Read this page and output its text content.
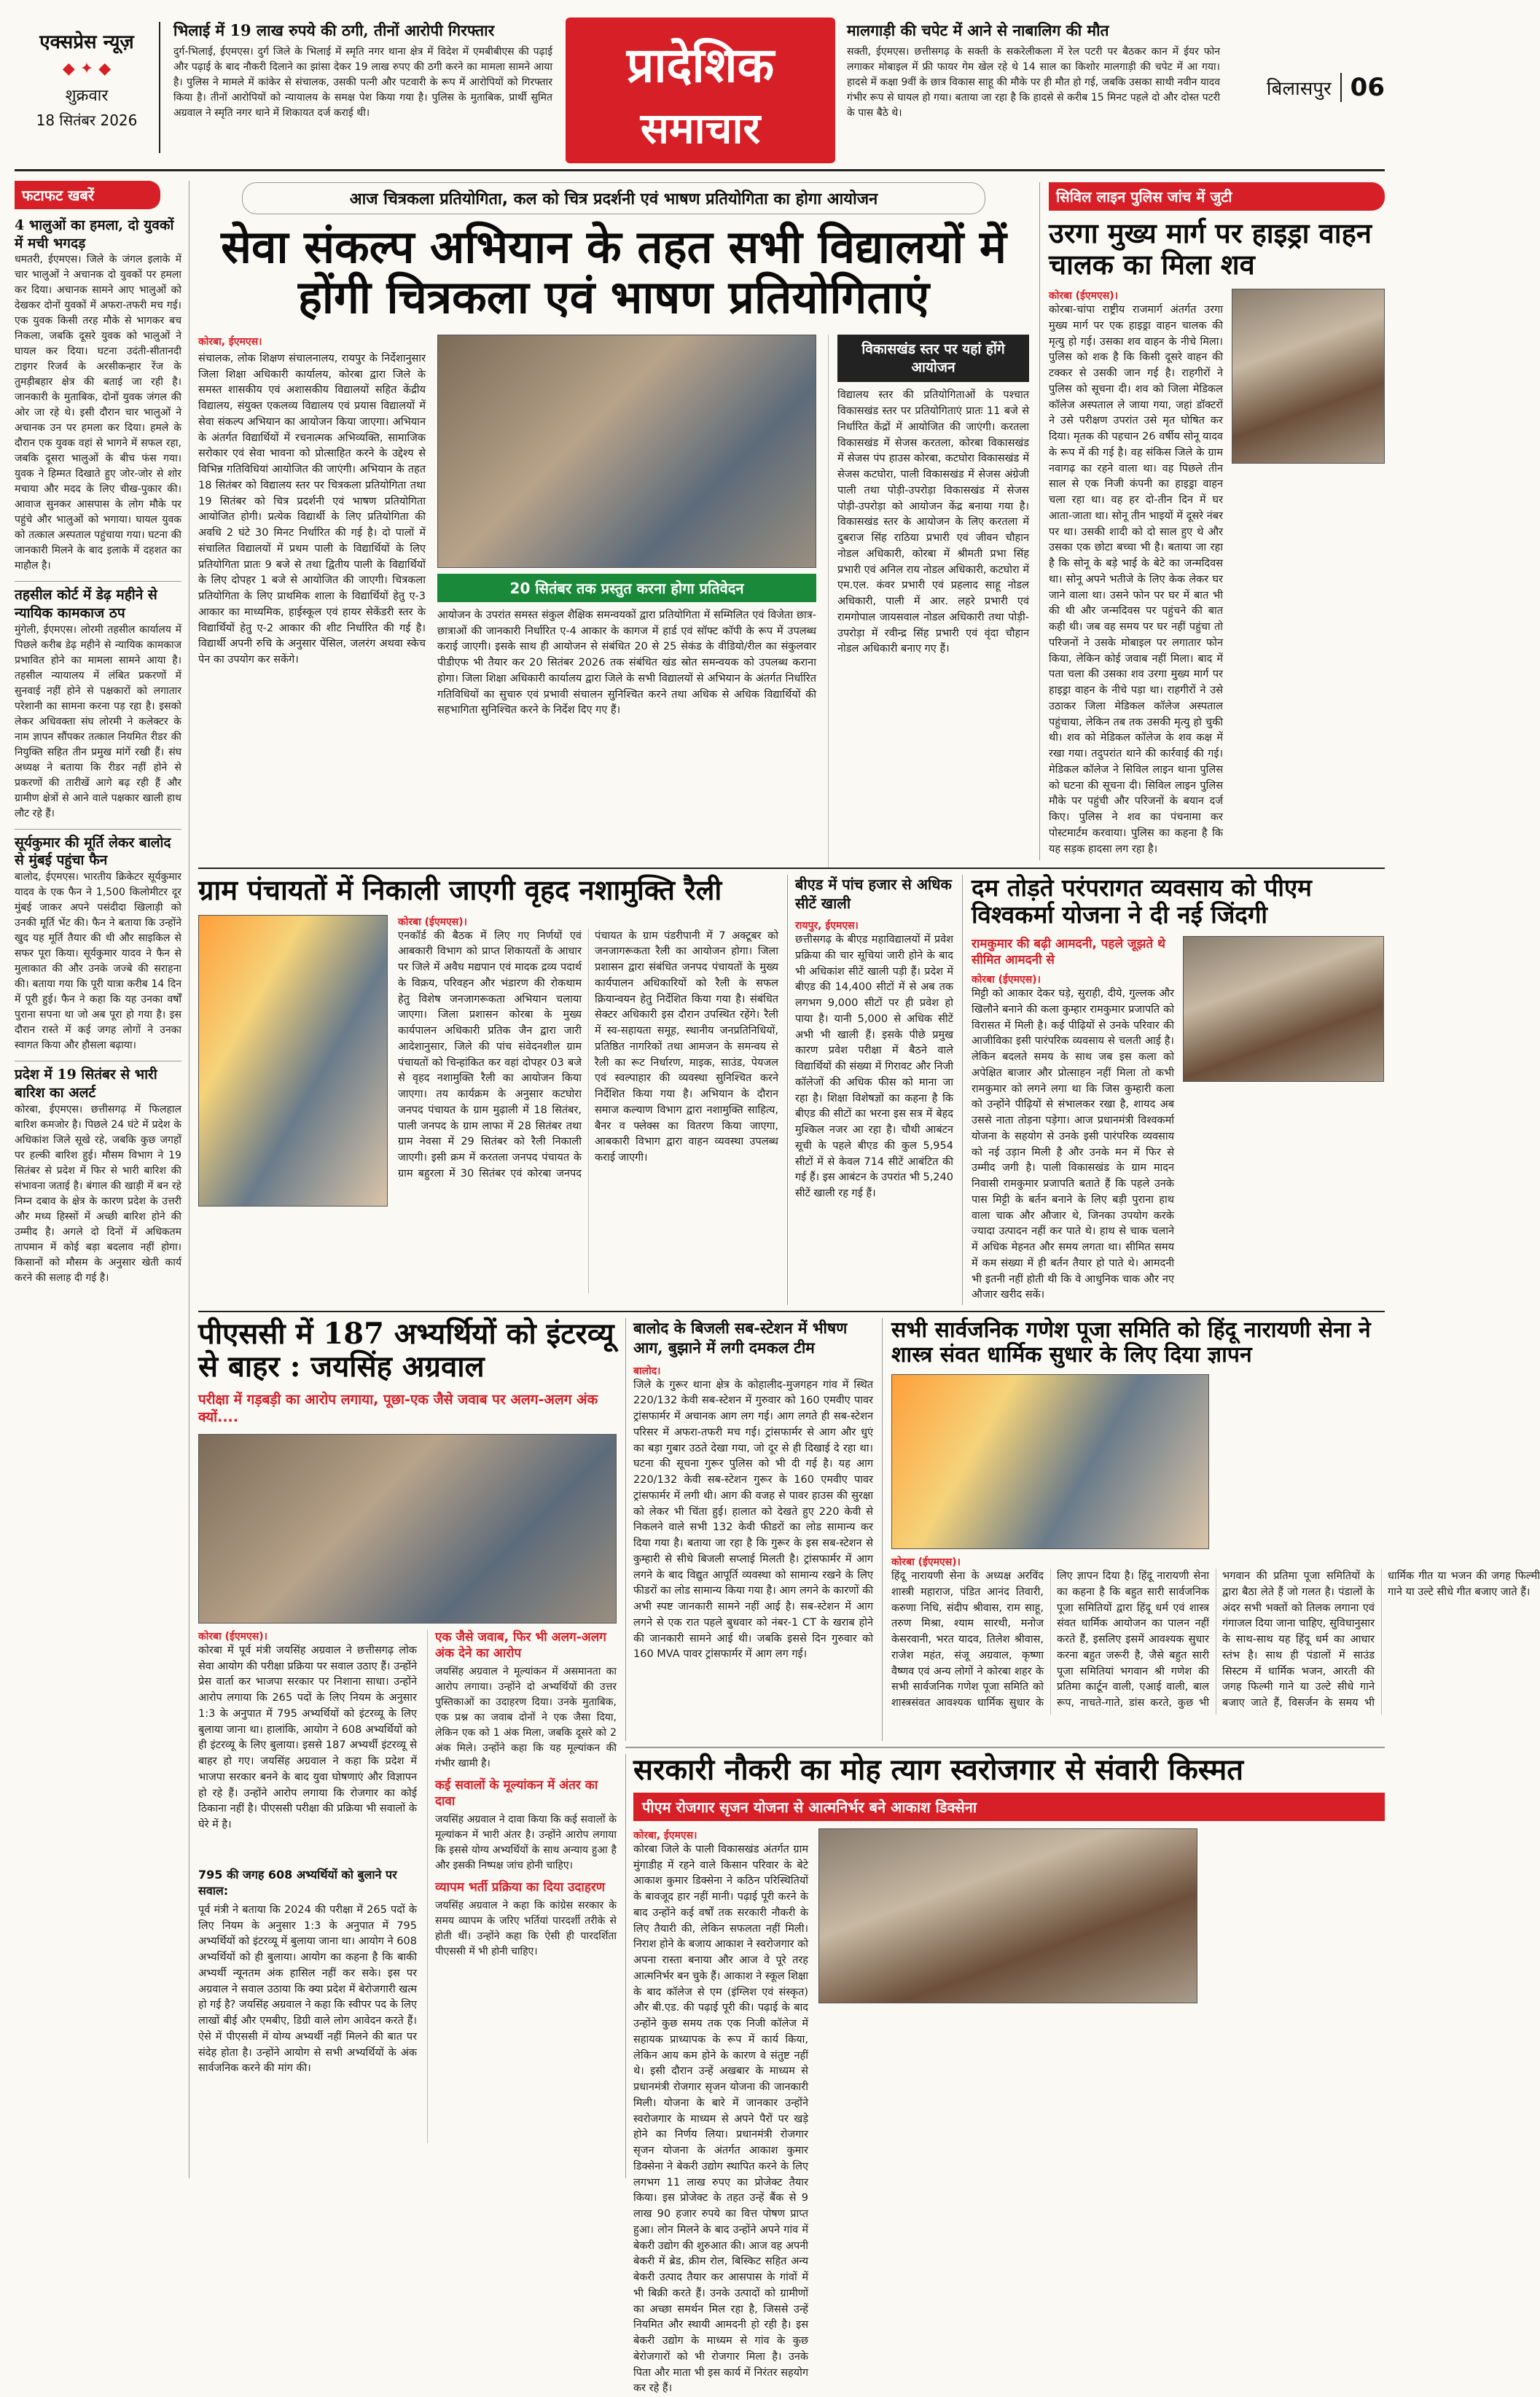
एक्सप्रेस न्यूज़
◆ ✦ ◆
शुक्रवार
18 सितंबर 2026
भिलाई में 19 लाख रुपये की ठगी, तीनों आरोपी गिरफ्तार
दुर्ग-भिलाई, ईएमएस। दुर्ग जिले के भिलाई में स्मृति नगर थाना क्षेत्र में विदेश में एमबीबीएस की पढ़ाई और पढ़ाई के बाद नौकरी दिलाने का झांसा देकर 19 लाख रुपए की ठगी करने का मामला सामने आया है। पुलिस ने मामले में कांकेर से संचालक, उसकी पत्नी और पटवारी के रूप में आरोपियों को गिरफ्तार किया है। तीनों आरोपियों को न्यायालय के समक्ष पेश किया गया है। पुलिस के मुताबिक, प्रार्थी सुमित अग्रवाल ने स्मृति नगर थाने में शिकायत दर्ज कराई थी।
प्रादेशिक
समाचार
मालगाड़ी की चपेट में आने से नाबालिग की मौत
सक्ती, ईएमएस। छत्तीसगढ़ के सक्ती के सकरेलीकला में रेल पटरी पर बैठकर कान में ईयर फोन लगाकर मोबाइल में फ्री फायर गेम खेल रहे थे 14 साल का किशोर मालगाड़ी की चपेट में आ गया। हादसे में कक्षा 9वीं के छात्र विकास साहू की मौके पर ही मौत हो गई, जबकि उसका साथी नवीन यादव गंभीर रूप से घायल हो गया। बताया जा रहा है कि हादसे से करीब 15 मिनट पहले दो और दोस्त पटरी के पास बैठे थे।
बिलासपुर 06
फटाफट खबरें
4 भालुओं का हमला, दो युवकों में मची भगदड़
धमतरी, ईएमएस। जिले के जंगल इलाके में चार भालुओं ने अचानक दो युवकों पर हमला कर दिया। अचानक सामने आए भालुओं को देखकर दोनों युवकों में अफरा-तफरी मच गई। एक युवक किसी तरह मौके से भागकर बच निकला, जबकि दूसरे युवक को भालुओं ने घायल कर दिया। घटना उदंती-सीतानदी टाइगर रिजर्व के अरसीकन्हार रेंज के तुमड़ीबहार क्षेत्र की बताई जा रही है। जानकारी के मुताबिक, दोनों युवक जंगल की ओर जा रहे थे। इसी दौरान चार भालुओं ने अचानक उन पर हमला कर दिया। हमले के दौरान एक युवक वहां से भागने में सफल रहा, जबकि दूसरा भालुओं के बीच फंस गया। युवक ने हिम्मत दिखाते हुए जोर-जोर से शोर मचाया और मदद के लिए चीख-पुकार की। आवाज सुनकर आसपास के लोग मौके पर पहुंचे और भालुओं को भगाया। घायल युवक को तत्काल अस्पताल पहुंचाया गया। घटना की जानकारी मिलने के बाद इलाके में दहशत का माहौल है।
तहसील कोर्ट में डेढ़ महीने से न्यायिक कामकाज ठप
मुंगेली, ईएमएस। लोरमी तहसील कार्यालय में पिछले करीब डेढ़ महीने से न्यायिक कामकाज प्रभावित होने का मामला सामने आया है। तहसील न्यायालय में लंबित प्रकरणों में सुनवाई नहीं होने से पक्षकारों को लगातार परेशानी का सामना करना पड़ रहा है। इसको लेकर अधिवक्ता संघ लोरमी ने कलेक्टर के नाम ज्ञापन सौंपकर तत्काल नियमित रीडर की नियुक्ति सहित तीन प्रमुख मांगें रखी हैं। संघ अध्यक्ष ने बताया कि रीडर नहीं होने से प्रकरणों की तारीखें आगे बढ़ रही हैं और ग्रामीण क्षेत्रों से आने वाले पक्षकार खाली हाथ लौट रहे हैं।
सूर्यकुमार की मूर्ति लेकर बालोद से मुंबई पहुंचा फैन
बालोद, ईएमएस। भारतीय क्रिकेटर सूर्यकुमार यादव के एक फैन ने 1,500 किलोमीटर दूर मुंबई जाकर अपने पसंदीदा खिलाड़ी को उनकी मूर्ति भेंट की। फैन ने बताया कि उन्होंने खुद यह मूर्ति तैयार की थी और साइकिल से सफर पूरा किया। सूर्यकुमार यादव ने फैन से मुलाकात की और उनके जज्बे की सराहना की। बताया गया कि पूरी यात्रा करीब 14 दिन में पूरी हुई। फैन ने कहा कि यह उनका वर्षों पुराना सपना था जो अब पूरा हो गया है। इस दौरान रास्ते में कई जगह लोगों ने उनका स्वागत किया और हौसला बढ़ाया।
प्रदेश में 19 सितंबर से भारी बारिश का अलर्ट
कोरबा, ईएमएस। छत्तीसगढ़ में फिलहाल बारिश कमजोर है। पिछले 24 घंटे में प्रदेश के अधिकांश जिले सूखे रहे, जबकि कुछ जगहों पर हल्की बारिश हुई। मौसम विभाग ने 19 सितंबर से प्रदेश में फिर से भारी बारिश की संभावना जताई है। बंगाल की खाड़ी में बन रहे निम्न दबाव के क्षेत्र के कारण प्रदेश के उत्तरी और मध्य हिस्सों में अच्छी बारिश होने की उम्मीद है। अगले दो दिनों में अधिकतम तापमान में कोई बड़ा बदलाव नहीं होगा। किसानों को मौसम के अनुसार खेती कार्य करने की सलाह दी गई है।
आज चित्रकला प्रतियोगिता, कल को चित्र प्रदर्शनी एवं भाषण प्रतियोगिता का होगा आयोजन
सेवा संकल्प अभियान के तहत सभी विद्यालयों में होंगी चित्रकला एवं भाषण प्रतियोगिताएं
कोरबा, ईएमएस।
संचालक, लोक शिक्षण संचालनालय, रायपुर के निर्देशानुसार जिला शिक्षा अधिकारी कार्यालय, कोरबा द्वारा जिले के समस्त शासकीय एवं अशासकीय विद्यालयों सहित केंद्रीय विद्यालय, संयुक्त एकलव्य विद्यालय एवं प्रयास विद्यालयों में सेवा संकल्प अभियान का आयोजन किया जाएगा। अभियान के अंतर्गत विद्यार्थियों में रचनात्मक अभिव्यक्ति, सामाजिक सरोकार एवं सेवा भावना को प्रोत्साहित करने के उद्देश्य से विभिन्न गतिविधियां आयोजित की जाएंगी। अभियान के तहत 18 सितंबर को विद्यालय स्तर पर चित्रकला प्रतियोगिता तथा 19 सितंबर को चित्र प्रदर्शनी एवं भाषण प्रतियोगिता आयोजित होगी। प्रत्येक विद्यार्थी के लिए प्रतियोगिता की अवधि 2 घंटे 30 मिनट निर्धारित की गई है। दो पालों में संचालित विद्यालयों में प्रथम पाली के विद्यार्थियों के लिए प्रतियोगिता प्रातः 9 बजे से तथा द्वितीय पाली के विद्यार्थियों के लिए दोपहर 1 बजे से आयोजित की जाएगी। चित्रकला प्रतियोगिता के लिए प्राथमिक शाला के विद्यार्थियों हेतु ए-3 आकार का माध्यमिक, हाईस्कूल एवं हायर सेकेंडरी स्तर के विद्यार्थियों हेतु ए-2 आकार की शीट निर्धारित की गई है। विद्यार्थी अपनी रुचि के अनुसार पेंसिल, जलरंग अथवा स्केच पेन का उपयोग कर सकेंगे।
20 सितंबर तक प्रस्तुत करना होगा प्रतिवेदन
आयोजन के उपरांत समस्त संकुल शैक्षिक समन्वयकों द्वारा प्रतियोगिता में सम्मिलित एवं विजेता छात्र-छात्राओं की जानकारी निर्धारित ए-4 आकार के कागज में हार्ड एवं सॉफ्ट कॉपी के रूप में उपलब्ध कराई जाएगी। इसके साथ ही आयोजन से संबंधित 20 से 25 सेकंड के वीडियो/रील का संकुलवार पीडीएफ भी तैयार कर 20 सितंबर 2026 तक संबंधित खंड स्रोत समन्वयक को उपलब्ध कराना होगा। जिला शिक्षा अधिकारी कार्यालय द्वारा जिले के सभी विद्यालयों से अभियान के अंतर्गत निर्धारित गतिविधियों का सुचारु एवं प्रभावी संचालन सुनिश्चित करने तथा अधिक से अधिक विद्यार्थियों की सहभागिता सुनिश्चित करने के निर्देश दिए गए हैं।
विकासखंड स्तर पर यहां होंगे आयोजन
विद्यालय स्तर की प्रतियोगिताओं के पश्चात विकासखंड स्तर पर प्रतियोगिताएं प्रातः 11 बजे से निर्धारित केंद्रों में आयोजित की जाएंगी। करतला विकासखंड में सेजस करतला, कोरबा विकासखंड में सेजस पंप हाउस कोरबा, कटघोरा विकासखंड में सेजस कटघोरा, पाली विकासखंड में सेजस अंग्रेजी पाली तथा पोड़ी-उपरोड़ा विकासखंड में सेजस पोड़ी-उपरोड़ा को आयोजन केंद्र बनाया गया है। विकासखंड स्तर के आयोजन के लिए करतला में दुबराज सिंह राठिया प्रभारी एवं जीवन चौहान नोडल अधिकारी, कोरबा में श्रीमती प्रभा सिंह प्रभारी एवं अनिल राय नोडल अधिकारी, कटघोरा में एम.एल. कंवर प्रभारी एवं प्रहलाद साहू नोडल अधिकारी, पाली में आर. लहरे प्रभारी एवं रामगोपाल जायसवाल नोडल अधिकारी तथा पोड़ी-उपरोड़ा में रवीन्द्र सिंह प्रभारी एवं वृंदा चौहान नोडल अधिकारी बनाए गए हैं।
सिविल लाइन पुलिस जांच में जुटी
उरगा मुख्य मार्ग पर हाइड्रा वाहन चालक का मिला शव
कोरबा (ईएमएस)।
कोरबा-चांपा राष्ट्रीय राजमार्ग अंतर्गत उरगा मुख्य मार्ग पर एक हाइड्रा वाहन चालक की मृत्यु हो गई। उसका शव वाहन के नीचे मिला। पुलिस को शक है कि किसी दूसरे वाहन की टक्कर से उसकी जान गई है। राहगीरों ने पुलिस को सूचना दी। शव को जिला मेडिकल कॉलेज अस्पताल ले जाया गया, जहां डॉक्टरों ने उसे परीक्षण उपरांत उसे मृत घोषित कर दिया। मृतक की पहचान 26 वर्षीय सोनू यादव के रूप में की गई है। वह संकिस जिले के ग्राम नवागढ़ का रहने वाला था। वह पिछले तीन साल से एक निजी कंपनी का हाइड्रा वाहन चला रहा था। वह हर दो-तीन दिन में घर आता-जाता था। सोनू तीन भाइयों में दूसरे नंबर पर था। उसकी शादी को दो साल हुए थे और उसका एक छोटा बच्चा भी है। बताया जा रहा है कि सोनू के बड़े भाई के बेटे का जन्मदिवस था। सोनू अपने भतीजे के लिए केक लेकर घर जाने वाला था। उसने फोन पर घर में बात भी की थी और जन्मदिवस पर पहुंचने की बात कही थी। जब वह समय पर घर नहीं पहुंचा तो परिजनों ने उसके मोबाइल पर लगातार फोन किया, लेकिन कोई जवाब नहीं मिला। बाद में पता चला की उसका शव उरगा मुख्य मार्ग पर हाइड्रा वाहन के नीचे पड़ा था। राहगीरों ने उसे उठाकर जिला मेडिकल कॉलेज अस्पताल पहुंचाया, लेकिन तब तक उसकी मृत्यु हो चुकी थी। शव को मेडिकल कॉलेज के शव कक्ष में रखा गया। तदुपरांत थाने की कार्रवाई की गई। मेडिकल कॉलेज ने सिविल लाइन थाना पुलिस को घटना की सूचना दी। सिविल लाइन पुलिस मौके पर पहुंची और परिजनों के बयान दर्ज किए। पुलिस ने शव का पंचनामा कर पोस्टमार्टम करवाया। पुलिस का कहना है कि यह सड़क हादसा लग रहा है।
ग्राम पंचायतों में निकाली जाएगी वृहद नशामुक्ति रैली
कोरबा (ईएमएस)।
एनकॉर्ड की बैठक में लिए गए निर्णयों एवं आबकारी विभाग को प्राप्त शिकायतों के आधार पर जिले में अवैध मद्यपान एवं मादक द्रव्य पदार्थ के विक्रय, परिवहन और भंडारण की रोकथाम हेतु विशेष जनजागरूकता अभियान चलाया जाएगा। जिला प्रशासन कोरबा के मुख्य कार्यपालन अधिकारी प्रतिक जैन द्वारा जारी आदेशानुसार, जिले की पांच संवेदनशील ग्राम पंचायतों को चिन्हांकित कर वहां दोपहर 03 बजे से वृहद नशामुक्ति रैली का आयोजन किया जाएगा। तय कार्यक्रम के अनुसार कटघोरा जनपद पंचायत के ग्राम मुढ़ाली में 18 सितंबर, पाली जनपद के ग्राम लाफा में 28 सितंबर तथा ग्राम नेवसा में 29 सितंबर को रैली निकाली जाएगी। इसी क्रम में करतला जनपद पंचायत के ग्राम बहुरला में 30 सितंबर एवं कोरबा जनपद पंचायत के ग्राम पंडरीपानी में 7 अक्टूबर को जनजागरूकता रैली का आयोजन होगा। जिला प्रशासन द्वारा संबंधित जनपद पंचायतों के मुख्य कार्यपालन अधिकारियों को रैली के सफल क्रियान्वयन हेतु निर्देशित किया गया है। संबंधित सेक्टर अधिकारी इस दौरान उपस्थित रहेंगे। रैली में स्व-सहायता समूह, स्थानीय जनप्रतिनिधियों, प्रतिष्ठित नागरिकों तथा आमजन के समन्वय से रैली का रूट निर्धारण, माइक, साउंड, पेयजल एवं स्वल्पाहार की व्यवस्था सुनिश्चित करने निर्देशित किया गया है। अभियान के दौरान समाज कल्याण विभाग द्वारा नशामुक्ति साहित्य, बैनर व फ्लेक्स का वितरण किया जाएगा, आबकारी विभाग द्वारा वाहन व्यवस्था उपलब्ध कराई जाएगी।
बीएड में पांच हजार से अधिक सीटें खाली
रायपुर, ईएमएस।
छत्तीसगढ़ के बीएड महाविद्यालयों में प्रवेश प्रक्रिया की चार सूचियां जारी होने के बाद भी अधिकांश सीटें खाली पड़ी हैं। प्रदेश में बीएड की 14,400 सीटों में से अब तक लगभग 9,000 सीटों पर ही प्रवेश हो पाया है। यानी 5,000 से अधिक सीटें अभी भी खाली हैं। इसके पीछे प्रमुख कारण प्रवेश परीक्षा में बैठने वाले विद्यार्थियों की संख्या में गिरावट और निजी कॉलेजों की अधिक फीस को माना जा रहा है। शिक्षा विशेषज्ञों का कहना है कि बीएड की सीटों का भरना इस सत्र में बेहद मुश्किल नजर आ रहा है। चौथी आबंटन सूची के पहले बीएड की कुल 5,954 सीटों में से केवल 714 सीटें आबंटित की गई हैं। इस आबंटन के उपरांत भी 5,240 सीटें खाली रह गई हैं।
दम तोड़ते परंपरागत व्यवसाय को पीएम विश्वकर्मा योजना ने दी नई जिंदगी
रामकुमार की बढ़ी आमदनी, पहले जूझते थे सीमित आमदनी से
कोरबा (ईएमएस)।
मिट्टी को आकार देकर घड़े, सुराही, दीये, गुल्लक और खिलौने बनाने की कला कुम्हार रामकुमार प्रजापति को विरासत में मिली है। कई पीढ़ियों से उनके परिवार की आजीविका इसी पारंपरिक व्यवसाय से चलती आई है। लेकिन बदलते समय के साथ जब इस कला को अपेक्षित बाजार और प्रोत्साहन नहीं मिला तो कभी रामकुमार को लगने लगा था कि जिस कुम्हारी कला को उन्होंने पीढ़ियों से संभालकर रखा है, शायद अब उससे नाता तोड़ना पड़ेगा। आज प्रधानमंत्री विश्वकर्मा योजना के सहयोग से उनके इसी पारंपरिक व्यवसाय को नई उड़ान मिली है और उनके मन में फिर से उम्मीद जगी है। पाली विकासखंड के ग्राम मादन निवासी रामकुमार प्रजापति बताते हैं कि पहले उनके पास मिट्टी के बर्तन बनाने के लिए बड़ी पुराना हाथ वाला चाक और औजार थे, जिनका उपयोग करके ज्यादा उत्पादन नहीं कर पाते थे। हाथ से चाक चलाने में अधिक मेहनत और समय लगता था। सीमित समय में कम संख्या में ही बर्तन तैयार हो पाते थे। आमदनी भी इतनी नहीं होती थी कि वे आधुनिक चाक और नए औजार खरीद सकें।
पीएससी में 187 अभ्यर्थियों को इंटरव्यू से बाहर : जयसिंह अग्रवाल
परीक्षा में गड़बड़ी का आरोप लगाया, पूछा-एक जैसे जवाब पर अलग-अलग अंक क्यों....
कोरबा (ईएमएस)।
कोरबा में पूर्व मंत्री जयसिंह अग्रवाल ने छत्तीसगढ़ लोक सेवा आयोग की परीक्षा प्रक्रिया पर सवाल उठाए हैं। उन्होंने प्रेस वार्ता कर भाजपा सरकार पर निशाना साधा। उन्होंने आरोप लगाया कि 265 पदों के लिए नियम के अनुसार 1:3 के अनुपात में 795 अभ्यर्थियों को इंटरव्यू के लिए बुलाया जाना था। हालांकि, आयोग ने 608 अभ्यर्थियों को ही इंटरव्यू के लिए बुलाया। इससे 187 अभ्यर्थी इंटरव्यू से बाहर हो गए। जयसिंह अग्रवाल ने कहा कि प्रदेश में भाजपा सरकार बनने के बाद युवा घोषणाएं और विज्ञापन हो रहे हैं। उन्होंने आरोप लगाया कि रोजगार का कोई ठिकाना नहीं है। पीएससी परीक्षा की प्रक्रिया भी सवालों के घेरे में है।
795 की जगह 608 अभ्यर्थियों को बुलाने पर सवाल:
पूर्व मंत्री ने बताया कि 2024 की परीक्षा में 265 पदों के लिए नियम के अनुसार 1:3 के अनुपात में 795 अभ्यर्थियों को इंटरव्यू में बुलाया जाना था। आयोग ने 608 अभ्यर्थियों को ही बुलाया। आयोग का कहना है कि बाकी अभ्यर्थी न्यूनतम अंक हासिल नहीं कर सके। इस पर अग्रवाल ने सवाल उठाया कि क्या प्रदेश में बेरोजगारी खत्म हो गई है? जयसिंह अग्रवाल ने कहा कि स्वीपर पद के लिए लाखों बीई और एमबीए, डिग्री वाले लोग आवेदन करते हैं। ऐसे में पीएससी में योग्य अभ्यर्थी नहीं मिलने की बात पर संदेह होता है। उन्होंने आयोग से सभी अभ्यर्थियों के अंक सार्वजनिक करने की मांग की।
एक जैसे जवाब, फिर भी अलग-अलग अंक देने का आरोप
जयसिंह अग्रवाल ने मूल्यांकन में असमानता का आरोप लगाया। उन्होंने दो अभ्यर्थियों की उत्तर पुस्तिकाओं का उदाहरण दिया। उनके मुताबिक, एक प्रश्न का जवाब दोनों ने एक जैसा दिया, लेकिन एक को 1 अंक मिला, जबकि दूसरे को 2 अंक मिले। उन्होंने कहा कि यह मूल्यांकन की गंभीर खामी है।
कई सवालों के मूल्यांकन में अंतर का दावा
जयसिंह अग्रवाल ने दावा किया कि कई सवालों के मूल्यांकन में भारी अंतर है। उन्होंने आरोप लगाया कि इससे योग्य अभ्यर्थियों के साथ अन्याय हुआ है और इसकी निष्पक्ष जांच होनी चाहिए।
व्यापम भर्ती प्रक्रिया का दिया उदाहरण
जयसिंह अग्रवाल ने कहा कि कांग्रेस सरकार के समय व्यापम के जरिए भर्तियां पारदर्शी तरीके से होती थीं। उन्होंने कहा कि ऐसी ही पारदर्शिता पीएससी में भी होनी चाहिए।
बालोद के बिजली सब-स्टेशन में भीषण आग, बुझाने में लगी दमकल टीम
बालोद।
जिले के गुरूर थाना क्षेत्र के कोहालीद-मुजगहन गांव में स्थित 220/132 केवी सब-स्टेशन में गुरुवार को 160 एमवीए पावर ट्रांसफार्मर में अचानक आग लग गई। आग लगते ही सब-स्टेशन परिसर में अफरा-तफरी मच गई। ट्रांसफार्मर से आग और धुएं का बड़ा गुबार उठते देखा गया, जो दूर से ही दिखाई दे रहा था। घटना की सूचना गुरूर पुलिस को भी दी गई है। यह आग 220/132 केवी सब-स्टेशन गुरूर के 160 एमवीए पावर ट्रांसफार्मर में लगी थी। आग की वजह से पावर हाउस की सुरक्षा को लेकर भी चिंता हुई। हालात को देखते हुए 220 केवी से निकलने वाले सभी 132 केवी फीडरों का लोड सामान्य कर दिया गया है। बताया जा रहा है कि गुरूर के इस सब-स्टेशन से कुम्हारी से सीधे बिजली सप्लाई मिलती है। ट्रांसफार्मर में आग लगने के बाद विद्युत आपूर्ति व्यवस्था को सामान्य रखने के लिए फीडरों का लोड सामान्य किया गया है। आग लगने के कारणों की अभी स्पष्ट जानकारी सामने नहीं आई है। सब-स्टेशन में आग लगने से एक रात पहले बुधवार को नंबर-1 CT के खराब होने की जानकारी सामने आई थी। जबकि इससे दिन गुरुवार को 160 MVA पावर ट्रांसफार्मर में आग लग गई।
सभी सार्वजनिक गणेश पूजा समिति को हिंदू नारायणी सेना ने शास्त्र संवत धार्मिक सुधार के लिए दिया ज्ञापन
कोरबा (ईएमएस)।
हिंदू नारायणी सेना के अध्यक्ष अरविंद शास्त्री महाराज, पंडित आनंद तिवारी, करुणा निधि, संदीप श्रीवास, राम साहू, तरुण मिश्रा, श्याम सारथी, मनोज केसरवानी, भरत यादव, तिलेश श्रीवास, राजेश महंत, संजू अग्रवाल, कृष्णा वैष्णव एवं अन्य लोगों ने कोरबा शहर के सभी सार्वजनिक गणेश पूजा समिति को शास्त्रसंवत आवश्यक धार्मिक सुधार के लिए ज्ञापन दिया है। हिंदू नारायणी सेना का कहना है कि बहुत सारी सार्वजनिक पूजा समितियों द्वारा हिंदू धर्म एवं शास्त्र संवत धार्मिक आयोजन का पालन नहीं करते हैं, इसलिए इसमें आवश्यक सुधार करना बहुत जरूरी है, जैसे बहुत सारी पूजा समितियां भगवान श्री गणेश की प्रतिमा कार्टून वाली, एआई वाली, बाल रूप, नाचते-गाते, डांस करते, कुछ भी भगवान की प्रतिमा पूजा समितियों के द्वारा बैठा लेते हैं जो गलत है। पंडालों के अंदर सभी भक्तों को तिलक लगाना एवं गंगाजल दिया जाना चाहिए, सुविधानुसार के साथ-साथ यह हिंदू धर्म का आधार स्तंभ है। साथ ही पंडालों में साउंड सिस्टम में धार्मिक भजन, आरती की जगह फिल्मी गाने या उल्टे सीधे गाने बजाए जाते हैं, विसर्जन के समय भी धार्मिक गीत या भजन की जगह फिल्मी गाने या उल्टे सीधे गीत बजाए जाते हैं।
सरकारी नौकरी का मोह त्याग स्वरोजगार से संवारी किस्मत
पीएम रोजगार सृजन योजना से आत्मनिर्भर बने आकाश डिक्सेना
कोरबा, ईएमएस।
कोरबा जिले के पाली विकासखंड अंतर्गत ग्राम मुंगाडीह में रहने वाले किसान परिवार के बेटे आकाश कुमार डिक्सेना ने कठिन परिस्थितियों के बावजूद हार नहीं मानी। पढ़ाई पूरी करने के बाद उन्होंने कई वर्षों तक सरकारी नौकरी के लिए तैयारी की, लेकिन सफलता नहीं मिली। निराश होने के बजाय आकाश ने स्वरोजगार को अपना रास्ता बनाया और आज वे पूरे तरह आत्मनिर्भर बन चुके हैं। आकाश ने स्कूल शिक्षा के बाद कॉलेज से एम (इंग्लिश एवं संस्कृत) और बी.एड. की पढ़ाई पूरी की। पढ़ाई के बाद उन्होंने कुछ समय तक एक निजी कॉलेज में सहायक प्राध्यापक के रूप में कार्य किया, लेकिन आय कम होने के कारण वे संतुष्ट नहीं थे। इसी दौरान उन्हें अखबार के माध्यम से प्रधानमंत्री रोजगार सृजन योजना की जानकारी मिली। योजना के बारे में जानकार उन्होंने स्वरोजगार के माध्यम से अपने पैरों पर खड़े होने का निर्णय लिया। प्रधानमंत्री रोजगार सृजन योजना के अंतर्गत आकाश कुमार डिक्सेना ने बेकरी उद्योग स्थापित करने के लिए लगभग 11 लाख रुपए का प्रोजेक्ट तैयार किया। इस प्रोजेक्ट के तहत उन्हें बैंक से 9 लाख 90 हजार रुपये का वित्त पोषण प्राप्त हुआ। लोन मिलने के बाद उन्होंने अपने गांव में बेकरी उद्योग की शुरुआत की। आज वह अपनी बेकरी में ब्रेड, क्रीम रोल, बिस्किट सहित अन्य बेकरी उत्पाद तैयार कर आसपास के गांवों में भी बिक्री करते हैं। उनके उत्पादों को ग्रामीणों का अच्छा समर्थन मिल रहा है, जिससे उन्हें नियमित और स्थायी आमदनी हो रही है। इस बेकरी उद्योग के माध्यम से गांव के कुछ बेरोजगारों को भी रोजगार मिला है। उनके पिता और माता भी इस कार्य में निरंतर सहयोग कर रहे हैं।
